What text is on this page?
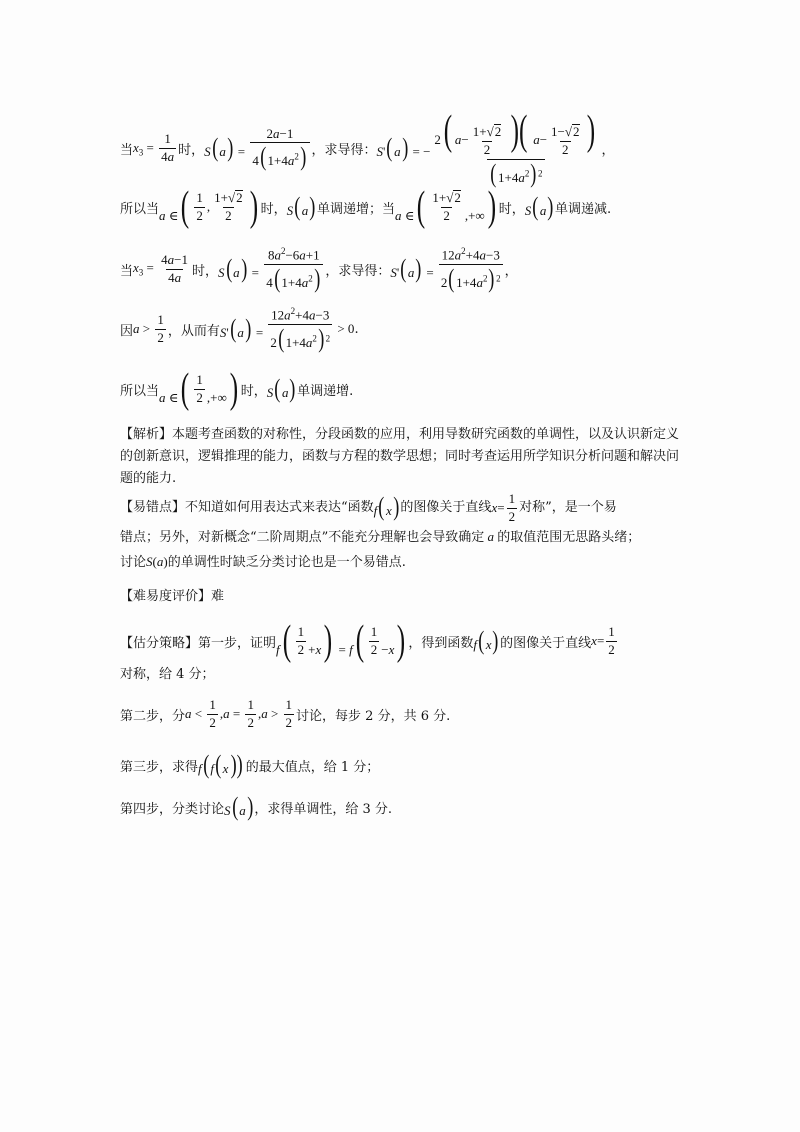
当 $x_3 = \frac{1}{4a}$ 时， $S(a) = \frac{2a-1}{4(1+4a^2)}$ ，求导得： S'(a) = − $\frac{2( a- \frac{1+√2}{2} )( a- \frac{1-√2}{2} )}{(1+4a^2)^2}$ ，
所以当 a ∈( $\frac{1}{2}$ , $\frac{1+√2}{2}$ ) 时， S(a) 单调递增；当 a ∈( $\frac{1+√2}{2}$ ,+∞) 时， S(a) 单调递减.
当 $x_3 = \frac{4a-1}{4a}$ 时， $S(a) = \frac{8a^2-6a+1}{4(1+4a^2)}$ ，求导得： $S'(a) = \frac{12a^2+4a-3}{2(1+4a^2)^2}$ ，
因 $a > \frac{1}{2}$ ，从而有 $S'(a) = \frac{12a^2+4a-3}{2(1+4a^2)^2} > 0$ .
所以当 a ∈( $\frac{1}{2}$ ,+∞) 时， S(a) 单调递增.
【解析】本题考查函数的对称性，分段函数的应用，利用导数研究函数的单调性，以及认识新定义的创新意识，逻辑推理的能力，函数与方程的数学思想；同时考查运用所学知识分析问题和解决问题的能力.
【易错点】 不知道如何用表达式来表达“函数 f(x) 的图像关于直线 $x= \frac{1}{2}$ 对称”，是一个易
错点；另外，对新概念“二阶周期点”不能充分理解也会导致确定 a 的取值范围无思路头绪；
讨论S(a)的单调性时缺乏分类讨论也是一个易错点.
【难易度评价】难
【估分策略】 第一步，证明 $f( \frac{1}{2} +x) = f( \frac{1}{2} -x)$ ，得到函数 f(x) 的图像关于直线 $x= \frac{1}{2}$
对称，给 4 分；
第二步，分 $a < \frac{1}{2} ,a = \frac{1}{2} ,a > \frac{1}{2}$ 讨论，每步 2 分，共 6 分.
第三步，求得 f(f(x)) 的最大值点，给 1 分；
第四步，分类讨论 S(a) ，求得单调性，给 3 分.
